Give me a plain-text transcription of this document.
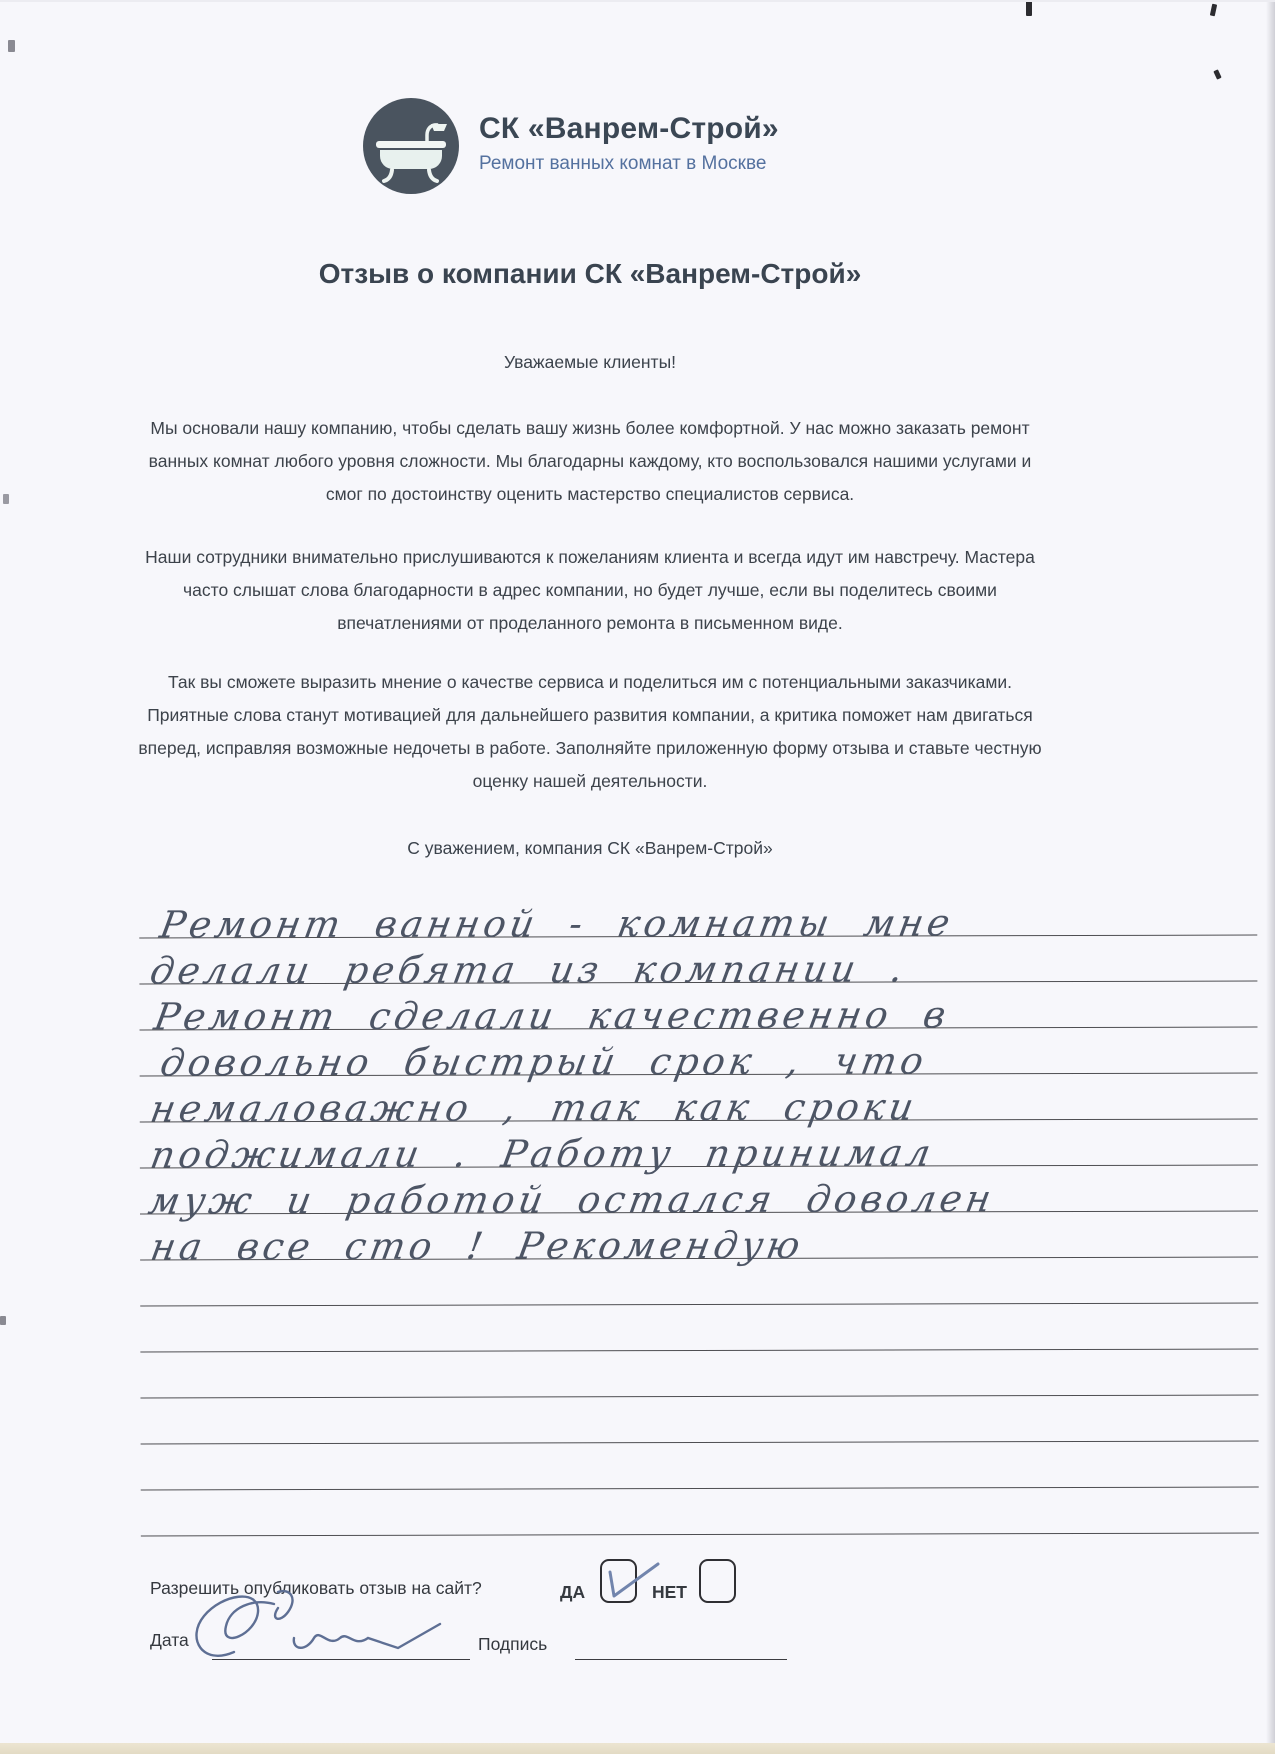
СК «Ванрем-Строй»
Ремонт ванных комнат в Москве
Отзыв о компании СК «Ванрем-Строй»
Уважаемые клиенты!

Мы основали нашу компанию, чтобы сделать вашу жизнь более комфортной. У нас можно заказать ремонт ванных комнат любого уровня сложности. Мы благодарны каждому, кто воспользовался нашими услугами и смог по достоинству оценить мастерство специалистов сервиса.

Наши сотрудники внимательно прислушиваются к пожеланиям клиента и всегда идут им навстречу. Мастера часто слышат слова благодарности в адрес компании, но будет лучше, если вы поделитесь своими впечатлениями от проделанного ремонта в письменном виде.

Так вы сможете выразить мнение о качестве сервиса и поделиться им с потенциальными заказчиками. Приятные слова станут мотивацией для дальнейшего развития компании, а критика поможет нам двигаться вперед, исправляя возможные недочеты в работе. Заполняйте приложенную форму отзыва и ставьте честную оценку нашей деятельности.

С уважением, компания СК «Ванрем-Строй»
Ремонт ванной - комнаты мне
делали ребята из компании .
Ремонт сделали качественно в
довольно быстрый срок , что
немаловажно , так как сроки
поджимали . Работу принимал
муж и работой остался доволен
на все сто ! Рекомендую
Разрешить опубликовать отзыв на сайт?	ДА	НЕТ
Дата	Подпись
